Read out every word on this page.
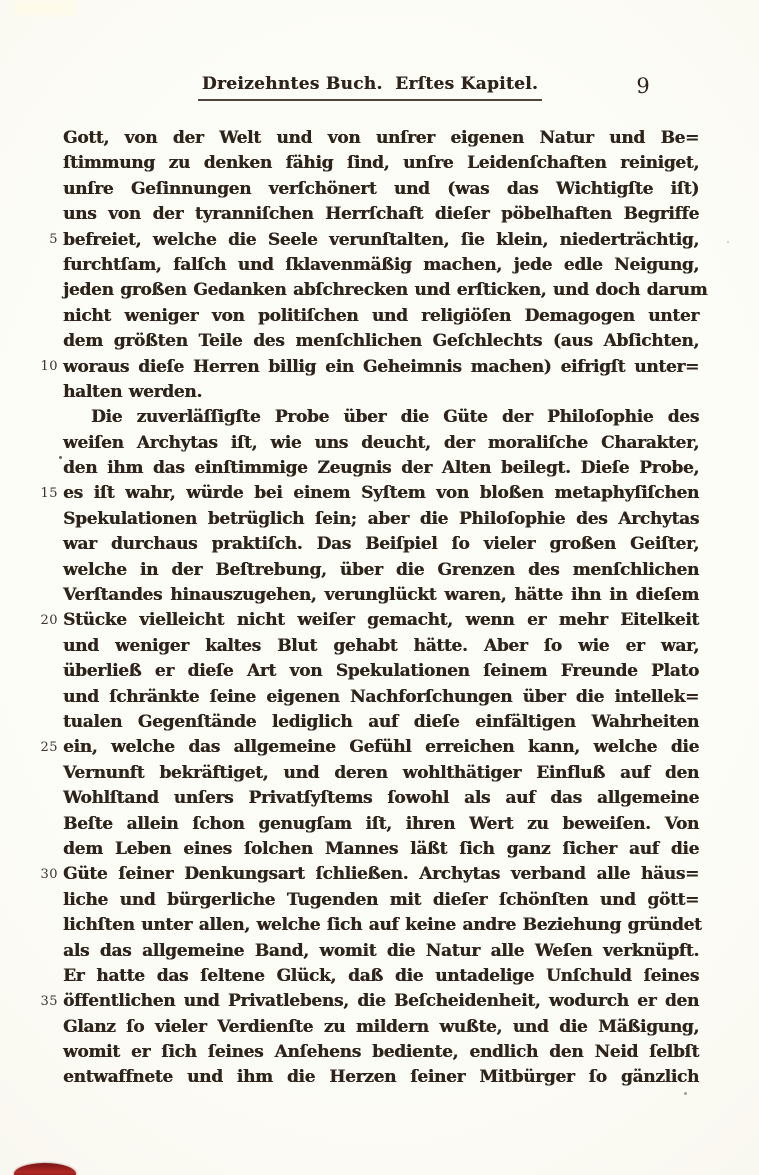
Dreizehntes Buch.  Erſtes Kapitel.	9
Gott, von der Welt und von unſrer eigenen Natur und Be=
ſtimmung zu denken fähig ſind, unſre Leidenſchaften reiniget,
unſre Geſinnungen verſchönert und (was das Wichtigſte iſt)
uns von der tyranniſchen Herrſchaft dieſer pöbelhaften Begriffe
5 befreiet, welche die Seele verunſtalten, ſie klein, niederträchtig,
furchtſam, falſch und ſklavenmäßig machen, jede edle Neigung,
jeden großen Gedanken abſchrecken und erſticken, und doch darum
nicht weniger von politiſchen und religiöſen Demagogen unter
dem größten Teile des menſchlichen Geſchlechts (aus Abſichten,
10 woraus dieſe Herren billig ein Geheimnis machen) eifrigſt unter=
halten werden.
Die zuverläſſigſte Probe über die Güte der Philoſophie des
weiſen Archytas iſt, wie uns deucht, der moraliſche Charakter,
den ihm das einſtimmige Zeugnis der Alten beilegt. Dieſe Probe,
15 es iſt wahr, würde bei einem Syſtem von bloßen metaphyſiſchen
Spekulationen betrüglich ſein; aber die Philoſophie des Archytas
war durchaus praktiſch. Das Beiſpiel ſo vieler großen Geiſter,
welche in der Beſtrebung, über die Grenzen des menſchlichen
Verſtandes hinauszugehen, verunglückt waren, hätte ihn in dieſem
20 Stücke vielleicht nicht weiſer gemacht, wenn er mehr Eitelkeit
und weniger kaltes Blut gehabt hätte. Aber ſo wie er war,
überließ er dieſe Art von Spekulationen ſeinem Freunde Plato
und ſchränkte ſeine eigenen Nachforſchungen über die intellek=
tualen Gegenſtände lediglich auf dieſe einfältigen Wahrheiten
25 ein, welche das allgemeine Gefühl erreichen kann, welche die
Vernunft bekräftiget, und deren wohlthätiger Einfluß auf den
Wohlſtand unſers Privatſyſtems ſowohl als auf das allgemeine
Beſte allein ſchon genugſam iſt, ihren Wert zu beweiſen. Von
dem Leben eines ſolchen Mannes läßt ſich ganz ſicher auf die
30 Güte ſeiner Denkungsart ſchließen. Archytas verband alle häus=
liche und bürgerliche Tugenden mit dieſer ſchönſten und gött=
lichſten unter allen, welche ſich auf keine andre Beziehung gründet
als das allgemeine Band, womit die Natur alle Weſen verknüpft.
Er hatte das ſeltene Glück, daß die untadelige Unſchuld ſeines
35 öffentlichen und Privatlebens, die Beſcheidenheit, wodurch er den
Glanz ſo vieler Verdienſte zu mildern wußte, und die Mäßigung,
womit er ſich ſeines Anſehens bediente, endlich den Neid ſelbſt
entwaffnete und ihm die Herzen ſeiner Mitbürger ſo gänzlich
